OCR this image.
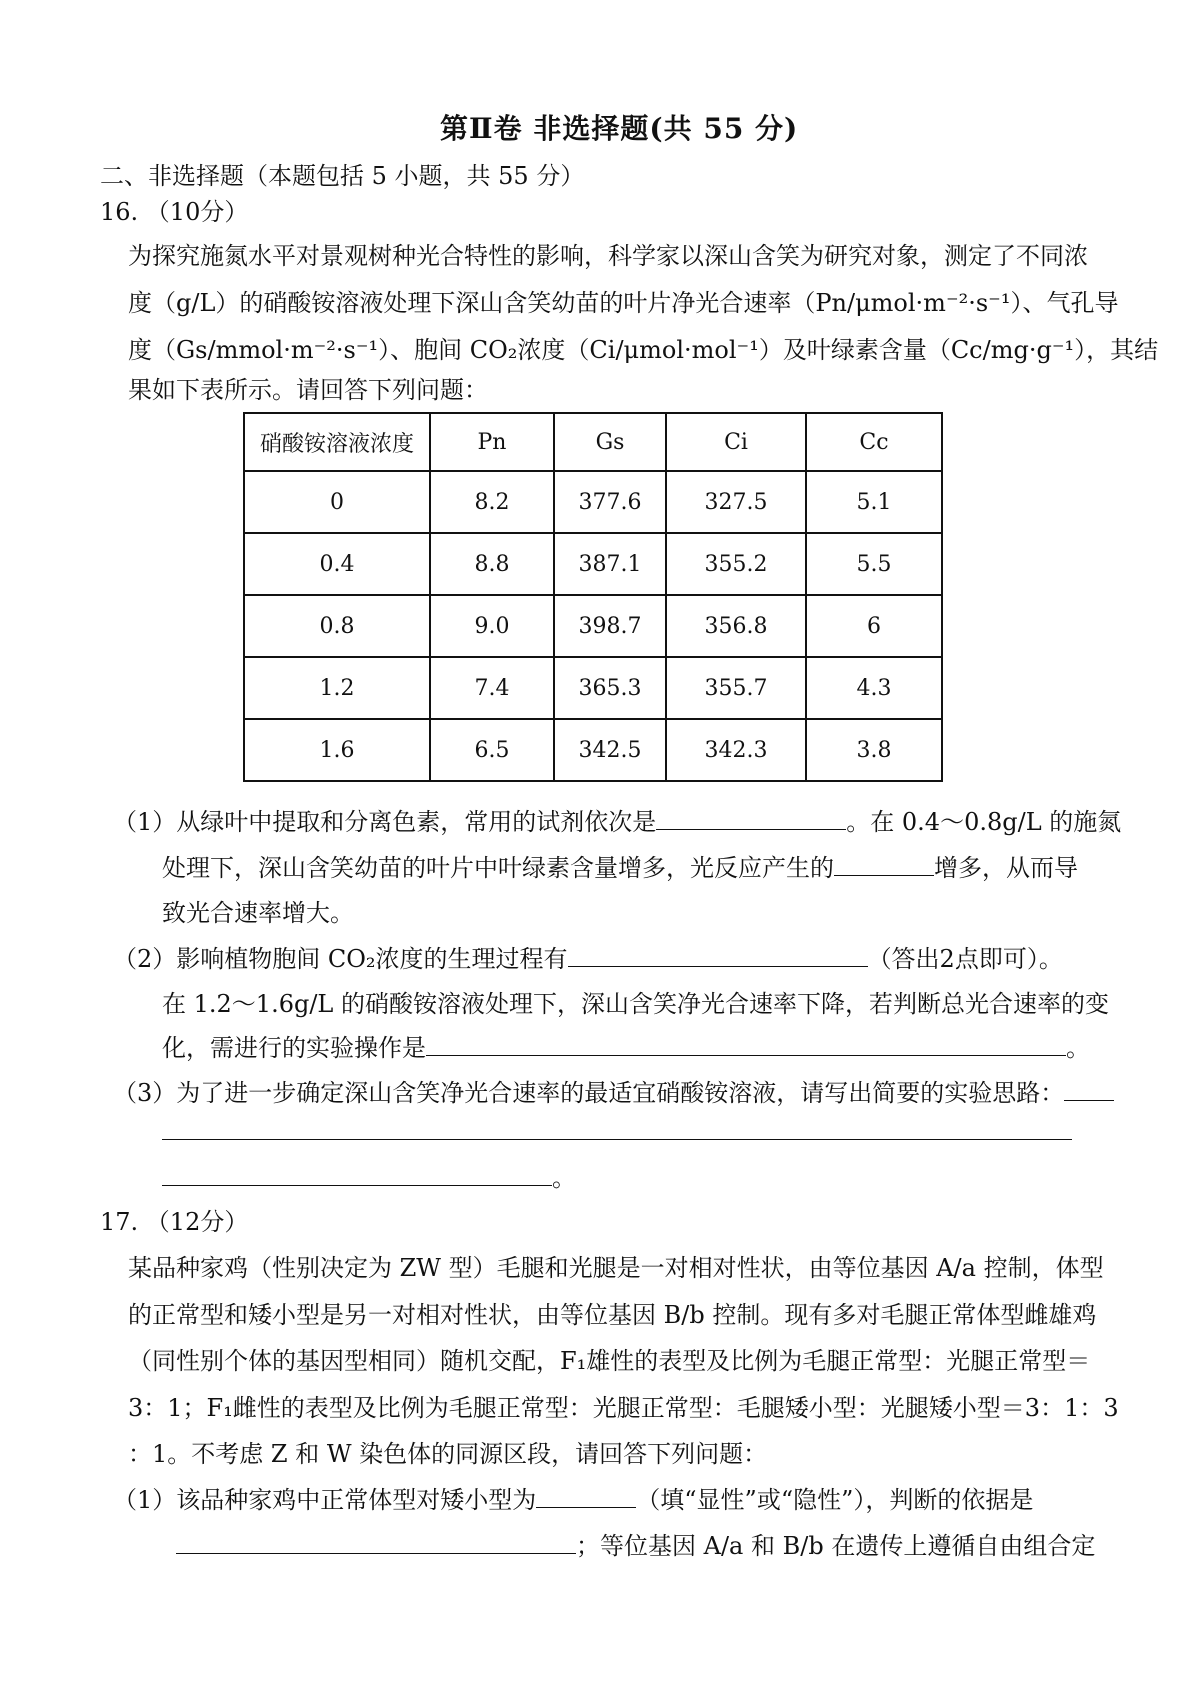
第Ⅱ卷 非选择题(共 55 分)
二、非选择题（本题包括 5 小题，共 55 分）
16. （10分）
为探究施氮水平对景观树种光合特性的影响，科学家以深山含笑为研究对象，测定了不同浓
度（g/L）的硝酸铵溶液处理下深山含笑幼苗的叶片净光合速率（Pn/μmol·m⁻²·s⁻¹）、气孔导
度（Gs/mmol·m⁻²·s⁻¹）、胞间 CO₂浓度（Ci/μmol·mol⁻¹）及叶绿素含量（Cc/mg·g⁻¹），其结
果如下表所示。请回答下列问题：
硝酸铵溶液浓度	Pn	Gs	Ci	Cc
0	8.2	377.6	327.5	5.1
0.4	8.8	387.1	355.2	5.5
0.8	9.0	398.7	356.8	6
1.2	7.4	365.3	355.7	4.3
1.6	6.5	342.5	342.3	3.8
（1）从绿叶中提取和分离色素，常用的试剂依次是	。在 0.4～0.8g/L 的施氮
处理下，深山含笑幼苗的叶片中叶绿素含量增多，光反应产生的	增多，从而导
致光合速率增大。
（2）影响植物胞间 CO₂浓度的生理过程有	（答出2点即可）。
在 1.2～1.6g/L 的硝酸铵溶液处理下，深山含笑净光合速率下降，若判断总光合速率的变
化，需进行的实验操作是	。
（3）为了进一步确定深山含笑净光合速率的最适宜硝酸铵溶液，请写出简要的实验思路：
。
17. （12分）
某品种家鸡（性别决定为 ZW 型）毛腿和光腿是一对相对性状，由等位基因 A/a 控制，体型
的正常型和矮小型是另一对相对性状，由等位基因 B/b 控制。现有多对毛腿正常体型雌雄鸡
（同性别个体的基因型相同）随机交配，F₁雄性的表型及比例为毛腿正常型：光腿正常型＝
3：1；F₁雌性的表型及比例为毛腿正常型：光腿正常型：毛腿矮小型：光腿矮小型＝3：1：3
：1。不考虑 Z 和 W 染色体的同源区段，请回答下列问题：
（1）该品种家鸡中正常体型对矮小型为	（填“显性”或“隐性”），判断的依据是
；等位基因 A/a 和 B/b 在遗传上遵循自由组合定
